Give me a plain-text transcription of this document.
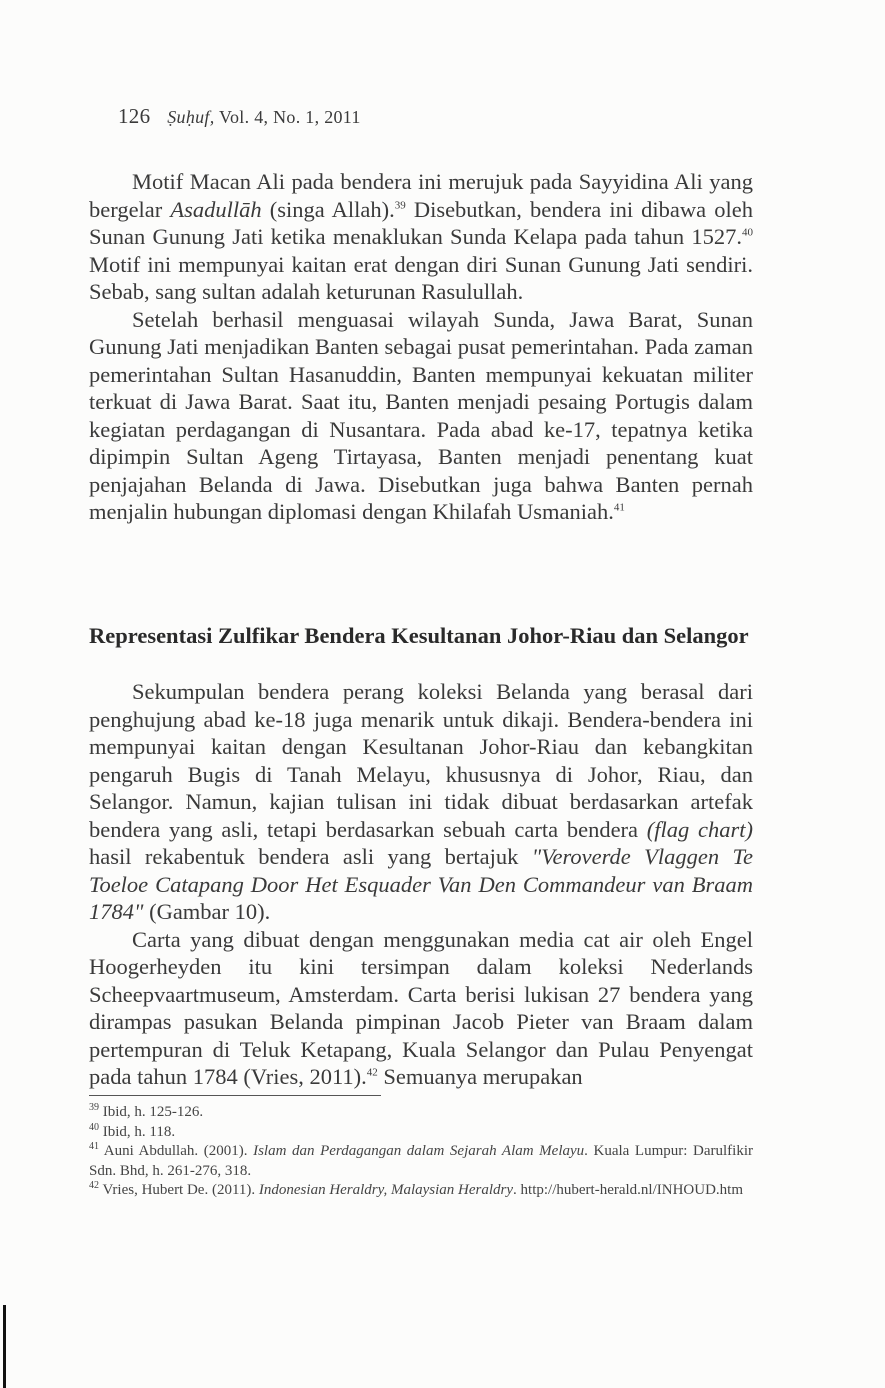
126 Ṣuḥuf, Vol. 4, No. 1, 2011

Motif Macan Ali pada bendera ini merujuk pada Sayyidina Ali yang bergelar Asadullāh (singa Allah).$^{39}$ Disebutkan, bendera ini dibawa oleh Sunan Gunung Jati ketika menaklukan Sunda Kelapa pada tahun 1527.40 Motif ini mempunyai kaitan erat dengan diri Sunan Gunung Jati sendiri. Sebab, sang sultan adalah keturunan Rasulullah.

Setelah berhasil menguasai wilayah Sunda, Jawa Barat, Sunan Gunung Jati menjadikan Banten sebagai pusat pemerintahan. Pada zaman pemerintahan Sultan Hasanuddin, Banten mempunyai kekuatan militer terkuat di Jawa Barat. Saat itu, Banten menjadi pesaing Portugis dalam kegiatan perdagangan di Nusantara. Pada abad ke-17, tepatnya ketika dipimpin Sultan Ageng Tirtayasa, Banten menjadi penentang kuat penjajahan Belanda di Jawa. Disebutkan juga bahwa Banten pernah menjalin hubungan diplomasi dengan Khilafah Usmaniah.$^{41}$

Representasi Zulfikar Bendera Kesultanan Johor-Riau dan Selangor

Sekumpulan bendera perang koleksi Belanda yang berasal dari penghujung abad ke-18 juga menarik untuk dikaji. Bendera-bendera ini mempunyai kaitan dengan Kesultanan Johor-Riau dan kebangkitan pengaruh Bugis di Tanah Melayu, khususnya di Johor, Riau, dan Selangor. Namun, kajian tulisan ini tidak dibuat berdasarkan artefak bendera yang asli, tetapi berdasarkan sebuah carta bendera (flag chart) hasil rekabentuk bendera asli yang bertajuk "Veroverde Vlaggen Te Toeloe Catapang Door Het Esquader Van Den Commandeur van Braam 1784" (Gambar 10).

Carta yang dibuat dengan menggunakan media cat air oleh Engel Hoogerheyden itu kini tersimpan dalam koleksi Nederlands Scheepvaartmuseum, Amsterdam. Carta berisi lukisan 27 bendera yang dirampas pasukan Belanda pimpinan Jacob Pieter van Braam dalam pertempuran di Teluk Ketapang, Kuala Selangor dan Pulau Penyengat pada tahun 1784 (Vries, 2011).$^{42}$ Semuanya merupakan

$^{39}$ Ibid, h. 125-126.

$^{40}$ Ibid, h. 118.

$^{41}$ Auni Abdullah. (2001). Islam dan Perdagangan dalam Sejarah Alam Melayu. Kuala Lumpur: Darulfikir Sdn. Bhd, h. 261-276, 318.

$^{42}$ Vries, Hubert De. (2011). Indonesian Heraldry, Malaysian Heraldry. http://hubert-herald.nl/INHOUD.htm
